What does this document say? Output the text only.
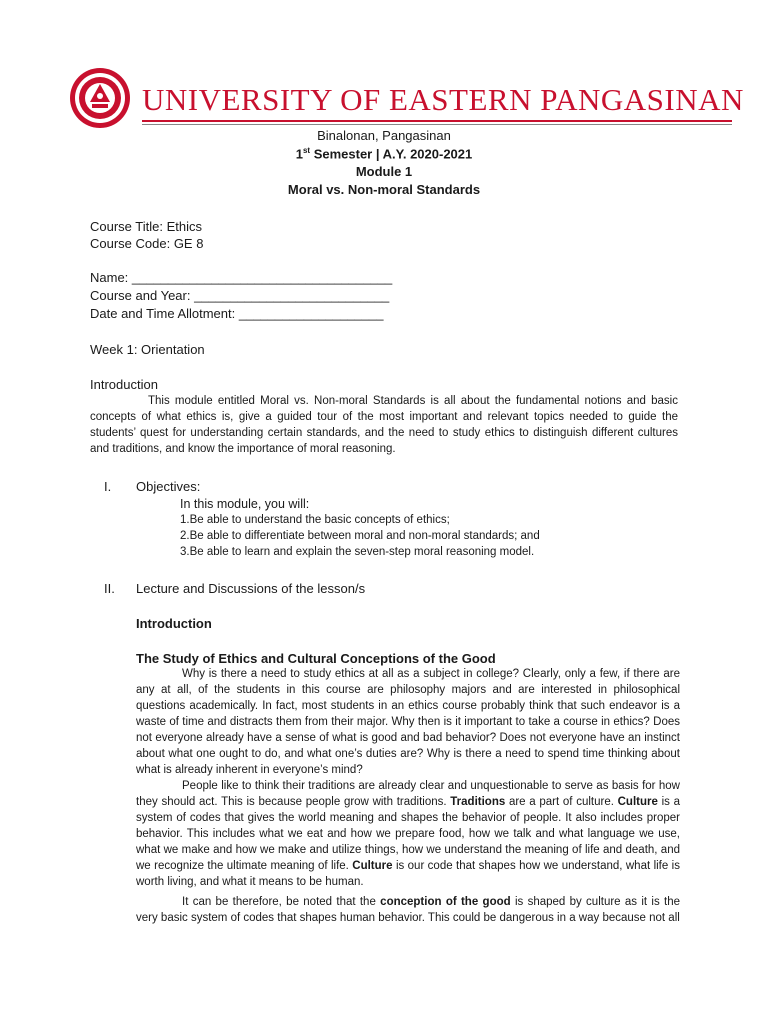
UNIVERSITY OF EASTERN PANGASINAN
Binalonan, Pangasinan
1st Semester | A.Y. 2020-2021
Module 1
Moral vs. Non-moral Standards
Course Title: Ethics
Course Code: GE 8
Name: ____________________________________
Course and Year: ___________________________
Date and Time Allotment: ____________________
Week 1: Orientation
Introduction
This module entitled Moral vs. Non-moral Standards is all about the fundamental notions and basic concepts of what ethics is, give a guided tour of the most important and relevant topics needed to guide the students’ quest for understanding certain standards, and the need to study ethics to distinguish different cultures and traditions, and know the importance of moral reasoning.
I. Objectives:
In this module, you will:
1.Be able to understand the basic concepts of ethics;
2.Be able to differentiate between moral and non-moral standards; and
3.Be able to learn and explain the seven-step moral reasoning model.
II. Lecture and Discussions of the lesson/s
Introduction
The Study of Ethics and Cultural Conceptions of the Good
Why is there a need to study ethics at all as a subject in college? Clearly, only a few, if there are any at all, of the students in this course are philosophy majors and are interested in philosophical questions academically. In fact, most students in an ethics course probably think that such endeavor is a waste of time and distracts them from their major. Why then is it important to take a course in ethics? Does not everyone already have a sense of what is good and bad behavior? Does not everyone have an instinct about what one ought to do, and what one’s duties are? Why is there a need to spend time thinking about what is already inherent in everyone’s mind?
People like to think their traditions are already clear and unquestionable to serve as basis for how they should act. This is because people grow with traditions. Traditions are a part of culture. Culture is a system of codes that gives the world meaning and shapes the behavior of people. It also includes proper behavior. This includes what we eat and how we prepare food, how we talk and what language we use, what we make and how we make and utilize things, how we understand the meaning of life and death, and we recognize the ultimate meaning of life. Culture is our code that shapes how we understand, what life is worth living, and what it means to be human.
It can be therefore, be noted that the conception of the good is shaped by culture as it is the very basic system of codes that shapes human behavior. This could be dangerous in a way because not all
